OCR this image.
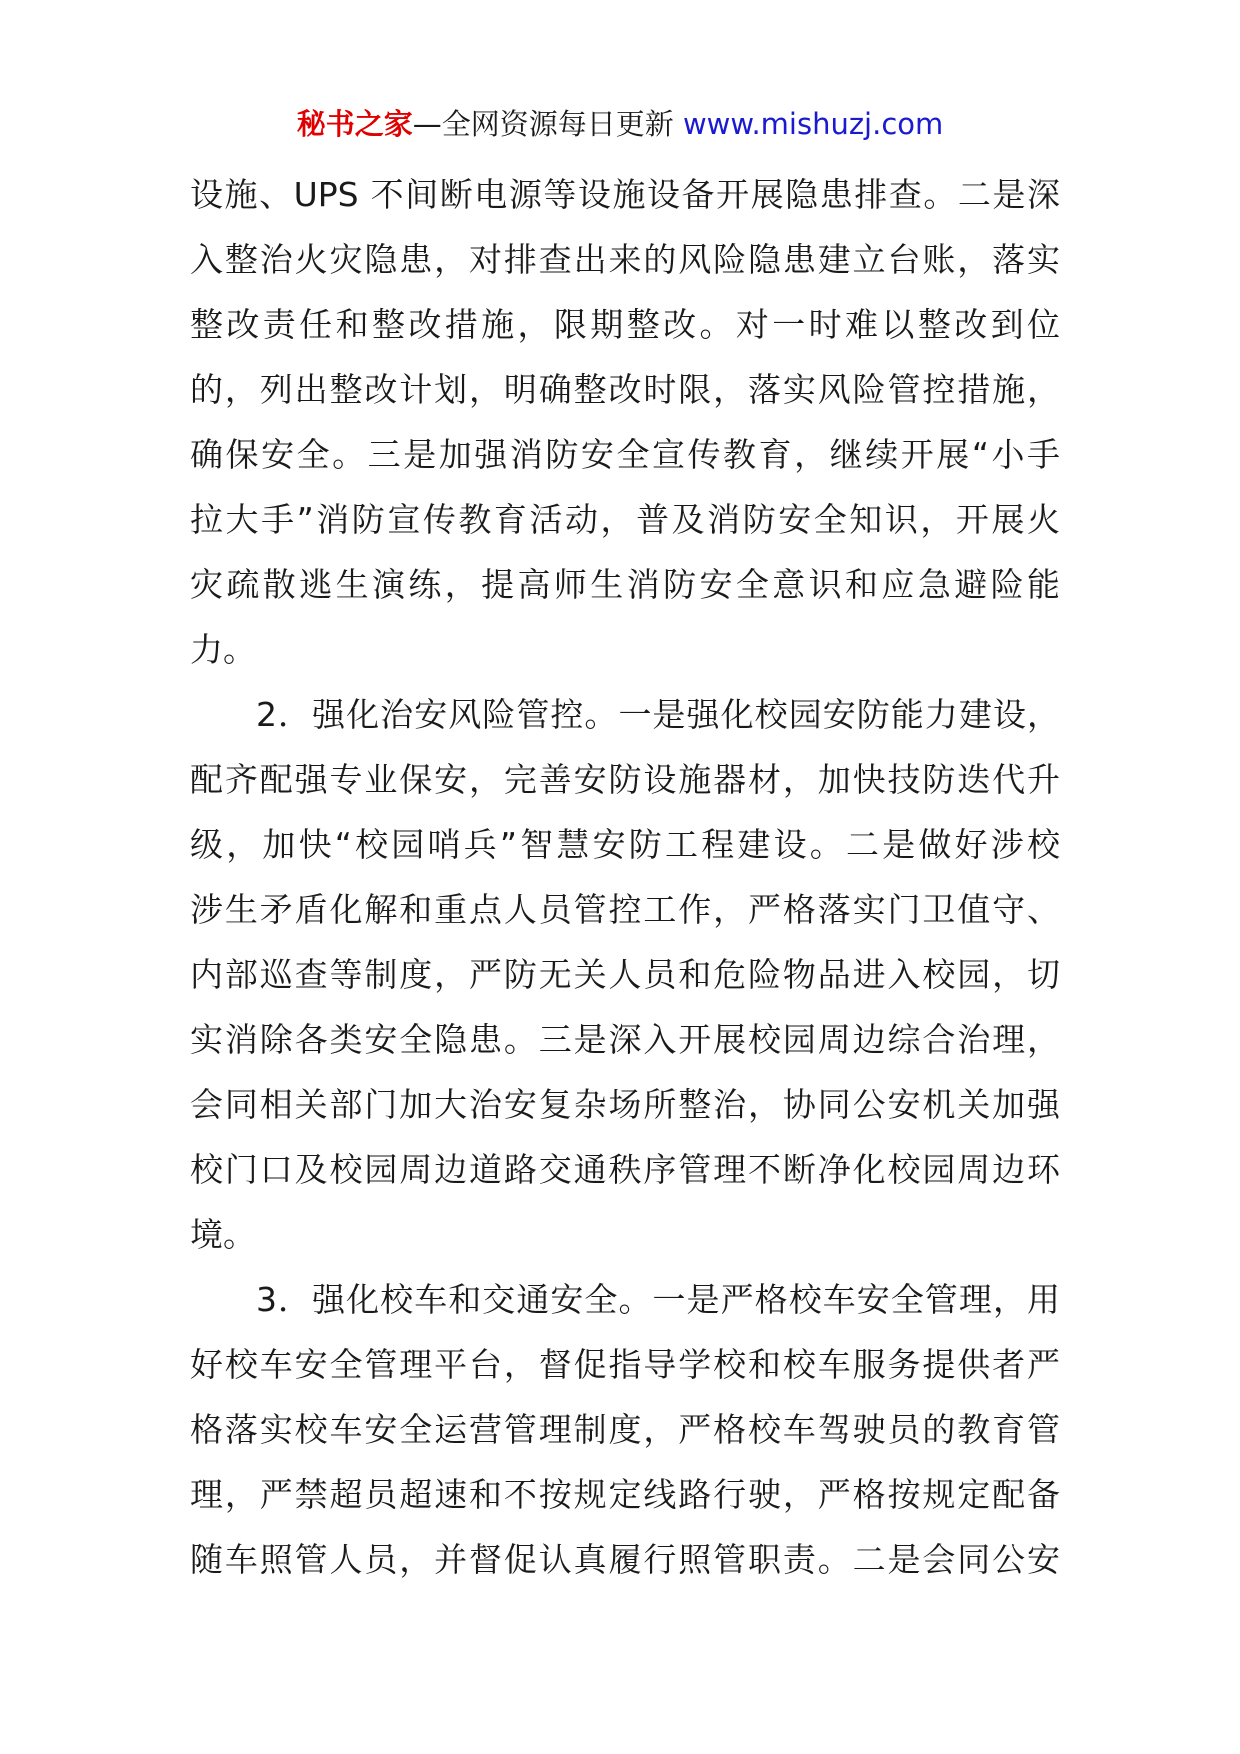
秘书之家—全网资源每日更新 www.mishuzj.com
设施、UPS 不间断电源等设施设备开展隐患排查。二是深
入整治火灾隐患，对排查出来的风险隐患建立台账，落实
整改责任和整改措施，限期整改。对一时难以整改到位
的，列出整改计划，明确整改时限，落实风险管控措施，
确保安全。三是加强消防安全宣传教育，继续开展“小手
拉大手”消防宣传教育活动，普及消防安全知识，开展火
灾疏散逃生演练，提高师生消防安全意识和应急避险能
力。
2．强化治安风险管控。一是强化校园安防能力建设，
配齐配强专业保安，完善安防设施器材，加快技防迭代升
级，加快“校园哨兵”智慧安防工程建设。二是做好涉校
涉生矛盾化解和重点人员管控工作，严格落实门卫值守、
内部巡查等制度，严防无关人员和危险物品进入校园，切
实消除各类安全隐患。三是深入开展校园周边综合治理，
会同相关部门加大治安复杂场所整治，协同公安机关加强
校门口及校园周边道路交通秩序管理不断净化校园周边环
境。
3．强化校车和交通安全。一是严格校车安全管理，用
好校车安全管理平台，督促指导学校和校车服务提供者严
格落实校车安全运营管理制度，严格校车驾驶员的教育管
理，严禁超员超速和不按规定线路行驶，严格按规定配备
随车照管人员，并督促认真履行照管职责。二是会同公安
